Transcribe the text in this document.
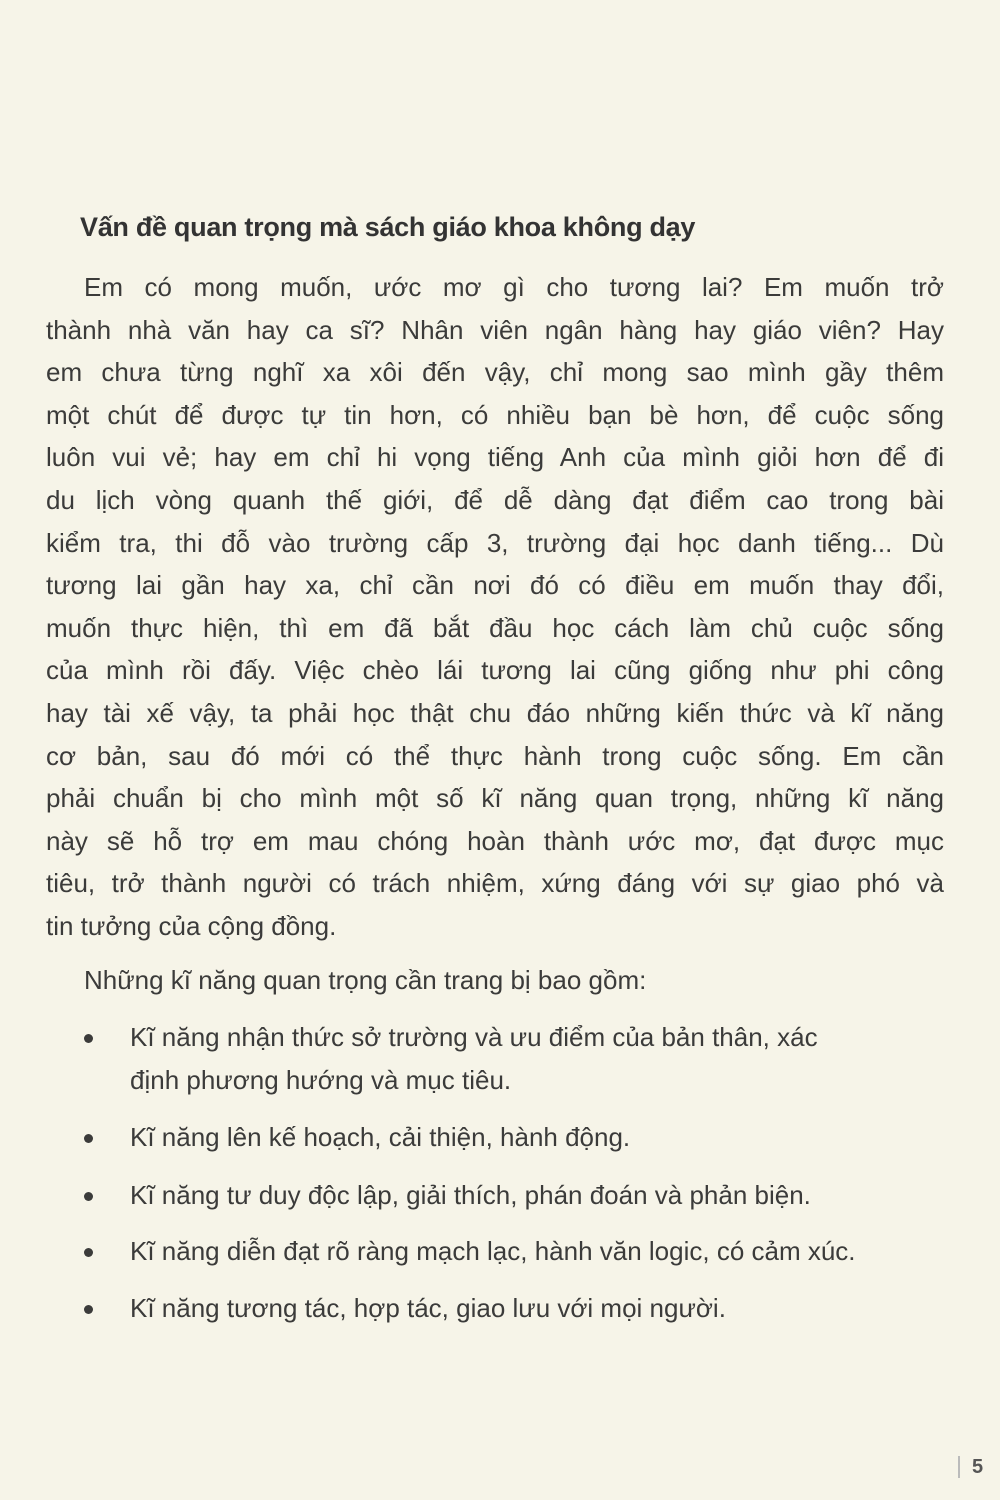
Vấn đề quan trọng mà sách giáo khoa không dạy
Em có mong muốn, ước mơ gì cho tương lai? Em muốn trở
thành nhà văn hay ca sĩ? Nhân viên ngân hàng hay giáo viên? Hay
em chưa từng nghĩ xa xôi đến vậy, chỉ mong sao mình gầy thêm
một chút để được tự tin hơn, có nhiều bạn bè hơn, để cuộc sống
luôn vui vẻ; hay em chỉ hi vọng tiếng Anh của mình giỏi hơn để đi
du lịch vòng quanh thế giới, để dễ dàng đạt điểm cao trong bài
kiểm tra, thi đỗ vào trường cấp 3, trường đại học danh tiếng... Dù
tương lai gần hay xa, chỉ cần nơi đó có điều em muốn thay đổi,
muốn thực hiện, thì em đã bắt đầu học cách làm chủ cuộc sống
của mình rồi đấy. Việc chèo lái tương lai cũng giống như phi công
hay tài xế vậy, ta phải học thật chu đáo những kiến thức và kĩ năng
cơ bản, sau đó mới có thể thực hành trong cuộc sống. Em cần
phải chuẩn bị cho mình một số kĩ năng quan trọng, những kĩ năng
này sẽ hỗ trợ em mau chóng hoàn thành ước mơ, đạt được mục
tiêu, trở thành người có trách nhiệm, xứng đáng với sự giao phó và
tin tưởng của cộng đồng.
Những kĩ năng quan trọng cần trang bị bao gồm:
Kĩ năng nhận thức sở trường và ưu điểm của bản thân, xác
định phương hướng và mục tiêu.
Kĩ năng lên kế hoạch, cải thiện, hành động.
Kĩ năng tư duy độc lập, giải thích, phán đoán và phản biện.
Kĩ năng diễn đạt rõ ràng mạch lạc, hành văn logic, có cảm xúc.
Kĩ năng tương tác, hợp tác, giao lưu với mọi người.
5
